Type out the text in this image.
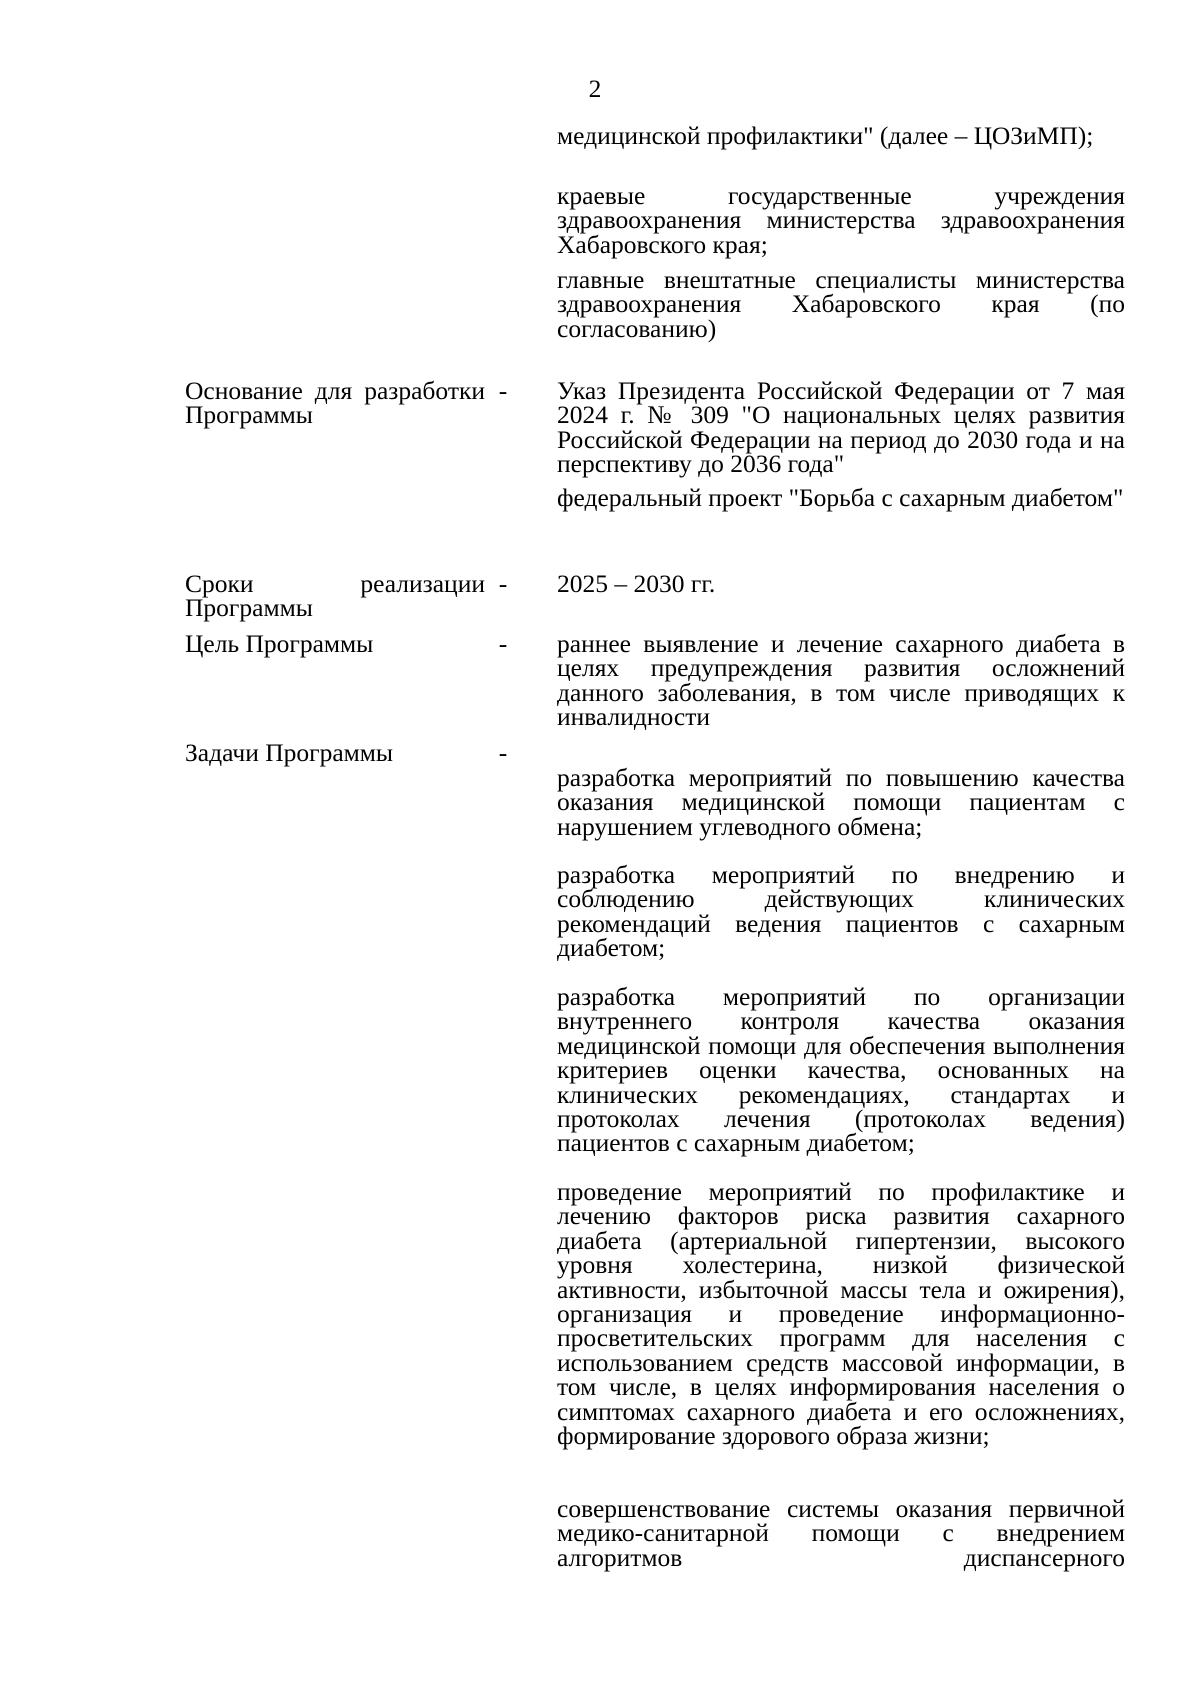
2
медицинской профилактики" (далее – ЦОЗиМП);
краевые государственные учреждения здравоохранения министерства здравоохранения Хабаровского края;
главные внештатные специалисты министерства здравоохранения Хабаровского края (по согласованию)
Основание для разработки Программы
- Указ Президента Российской Федерации от 7 мая 2024 г. № 309 "О национальных целях развития Российской Федерации на период до 2030 года и на перспективу до 2036 года"
федеральный проект "Борьба с сахарным диабетом"
Сроки реализации Программы
- 2025 – 2030 гг.
Цель Программы	- раннее выявление и лечение сахарного диабета в целях предупреждения развития осложнений данного заболевания, в том числе приводящих к инвалидности
Задачи Программы	-
разработка мероприятий по повышению качества оказания медицинской помощи пациентам с нарушением углеводного обмена;
разработка мероприятий по внедрению и соблюдению действующих клинических рекомендаций ведения пациентов с сахарным диабетом;
разработка мероприятий по организации внутреннего контроля качества оказания медицинской помощи для обеспечения выполнения критериев оценки качества, основанных на клинических рекомендациях, стандартах и протоколах лечения (протоколах ведения) пациентов с сахарным диабетом;
проведение мероприятий по профилактике и лечению факторов риска развития сахарного диабета (артериальной гипертензии, высокого уровня холестерина, низкой физической активности, избыточной массы тела и ожирения), организация и проведение информационно-просветительских программ для населения с использованием средств массовой информации, в том числе, в целях информирования населения о симптомах сахарного диабета и его осложнениях, формирование здорового образа жизни;
совершенствование системы оказания первичной медико-санитарной помощи с внедрением алгоритмов диспансерного
